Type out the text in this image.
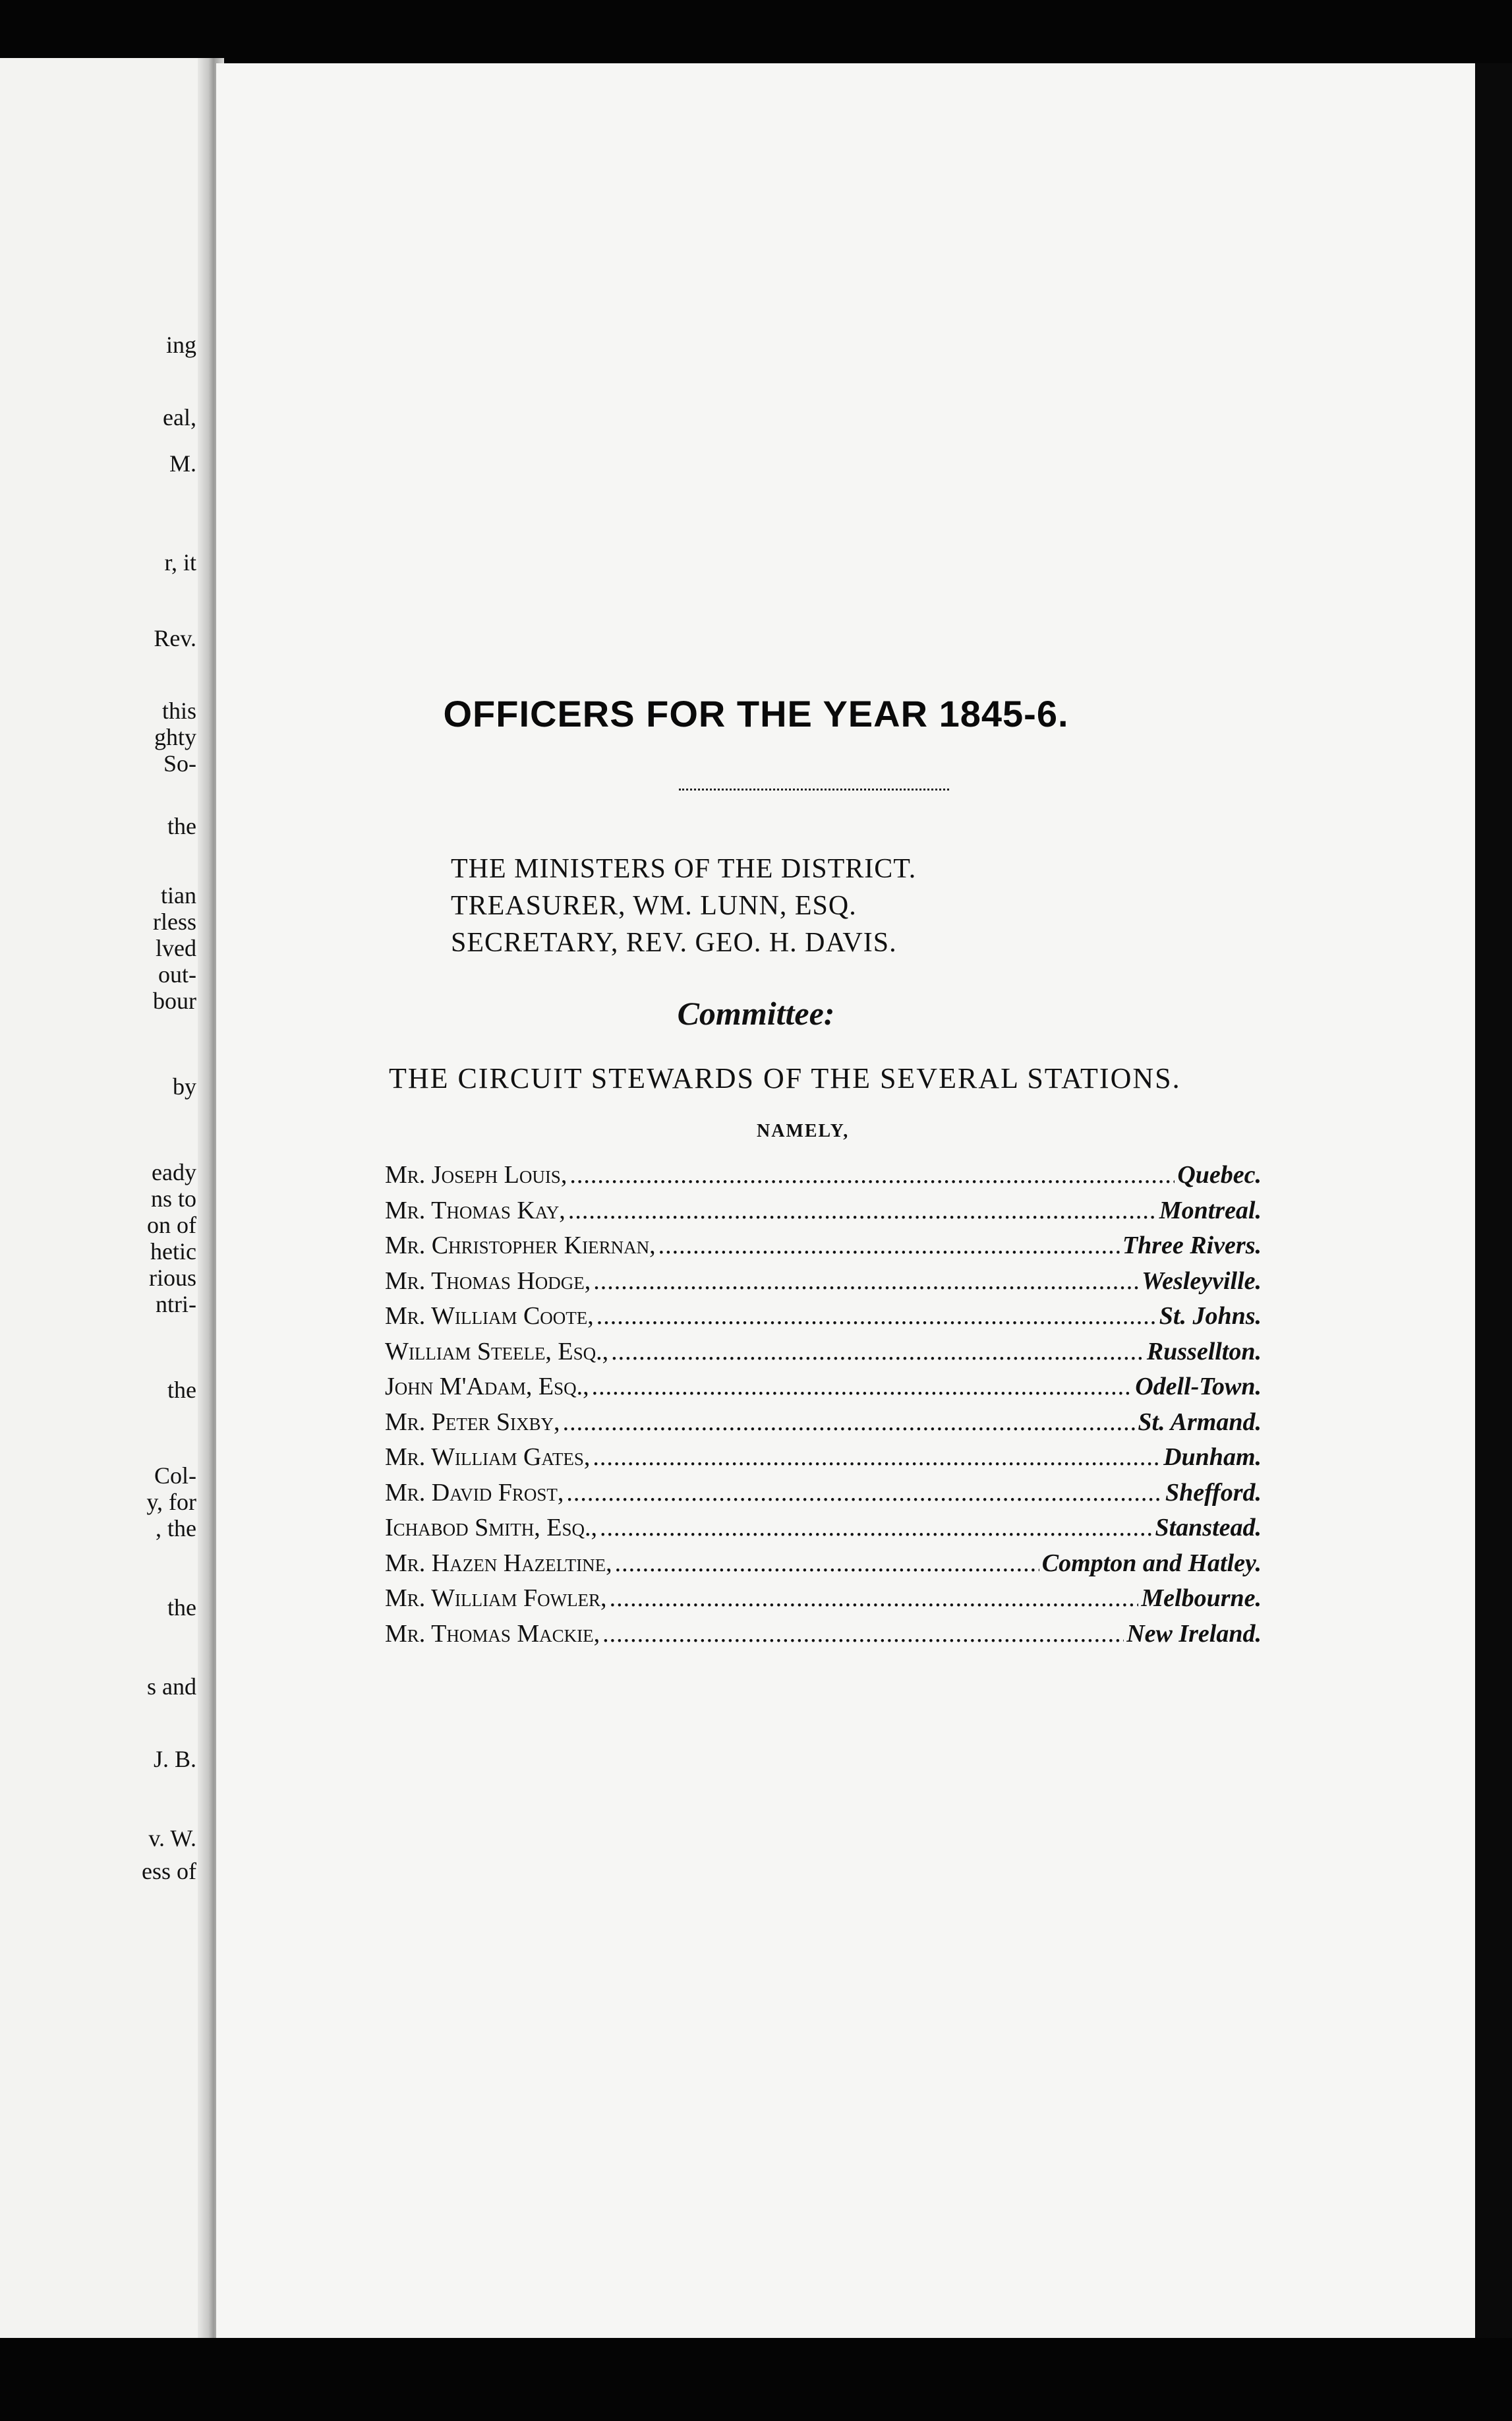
ing
eal,
M.
r, it
Rev.
this
ghty
So-
the
tian
rless
lved
out-
bour
by
eady
ns to
on of
hetic
rious
ntri-
the
Col-
y, for
, the
the
s and
J. B.
v. W.
ess of
OFFICERS FOR THE YEAR 1845-6.
THE MINISTERS OF THE DISTRICT.
TREASURER, WM. LUNN, ESQ.
SECRETARY, REV. GEO. H. DAVIS.
Committee:
THE CIRCUIT STEWARDS OF THE SEVERAL STATIONS.
NAMELY,
Mr. Joseph Louis, .....	Quebec.
Mr. Thomas Kay, .....	Montreal.
Mr. Christopher Kiernan, .....	Three Rivers.
Mr. Thomas Hodge, .....	Wesleyville.
Mr. William Coote, .....	St. Johns.
William Steele, Esq., .....	Russellton.
John M'Adam, Esq., .....	Odell-Town.
Mr. Peter Sixby, .....	St. Armand.
Mr. William Gates, .....	Dunham.
Mr. David Frost, .....	Shefford.
Ichabod Smith, Esq., .....	Stanstead.
Mr. Hazen Hazeltine, .....	Compton and Hatley.
Mr. William Fowler, .....	Melbourne.
Mr. Thomas Mackie, .....	New Ireland.
